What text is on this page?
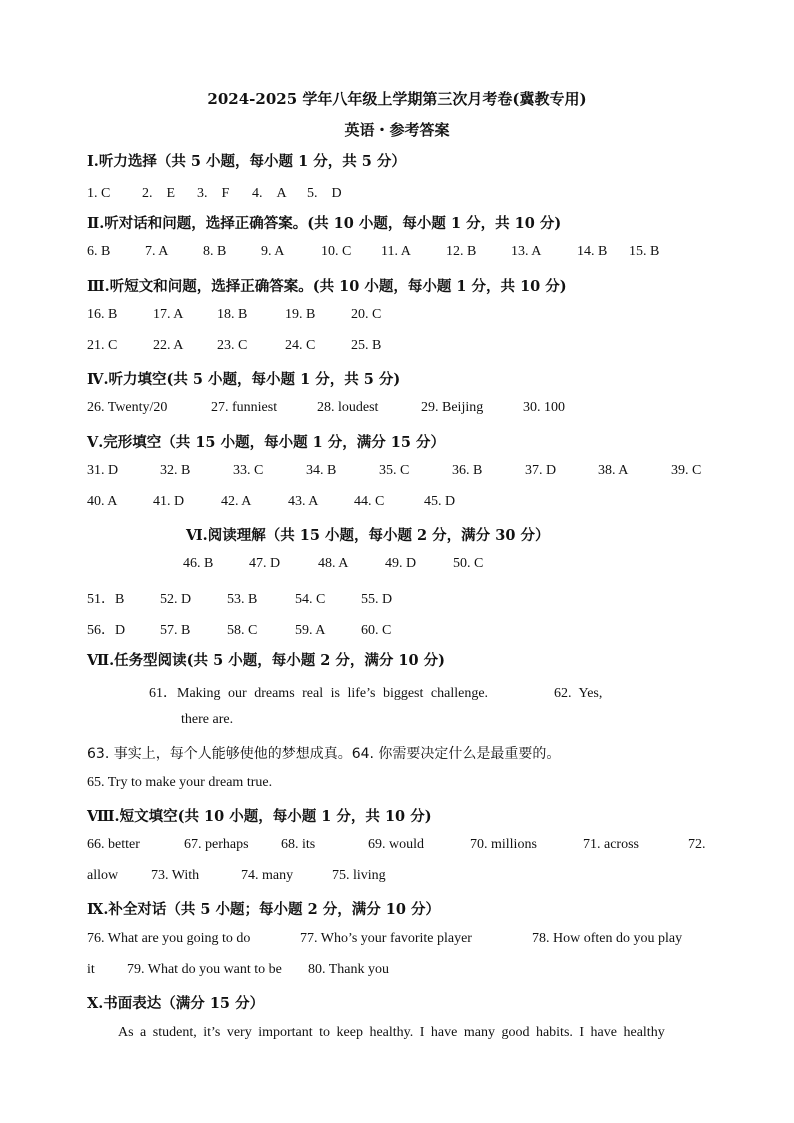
2024-2025 学年八年级上学期第三次月考卷(冀教专用)
英语・参考答案
Ⅰ.听力选择（共 5 小题，每小题 1 分，共 5 分）
1. C 2.　E 3.　F 4.　A 5.　D
Ⅱ.听对话和问题，选择正确答案。(共 10 小题，每小题 1 分，共 10 分)
6. B 7. A 8. B 9. A	10. C 11. A	12. B 13. A	14. B 15. B
Ⅲ.听短文和问题，选择正确答案。(共 10 小题，每小题 1 分，共 10 分)
16. B	17. A 18. B	19. B	20. C
21. C	22. A 23. C	24. C	25. B
Ⅳ.听力填空(共 5 小题，每小题 1 分，共 5 分)
26. Twenty/20	27. funniest	28. loudest	29. Beijing	30. 100
Ⅴ.完形填空（共 15 小题，每小题 1 分，满分 15 分）
31. D	32. B	33. C	34. B	35. C	36. B	37. D	38. A	39. C
40. A	41. D	42. A	43. A	44. C	45. D
Ⅵ.阅读理解（共 15 小题，每小题 2 分，满分 30 分）
46. B	47. D	48. A	49. D	50. C
51．B	52. D	53. B	54. C	55. D
56．D 57. B	58. C	59. A	60. C
Ⅶ.任务型阅读(共 5 小题，每小题 2 分，满分 10 分)
61．Making our dreams real is life’s biggest challenge.	62. Yes,
there are.
63. 事实上，每个人能够使他的梦想成真。64. 你需要决定什么是最重要的。
65. Try to make your dream true.
Ⅷ.短文填空(共 10 小题，每小题 1 分，共 10 分)
66. better	67. perhaps 68. its	69. would	70. millions	71. across	72.
allow 73. With	74. many	75. living
Ⅸ.补全对话（共 5 小题；每小题 2 分，满分 10 分）
76. What are you going to do	77. Who’s your favorite player	78. How often do you play
it 79. What do you want to be 80. Thank you
Ⅹ.书面表达（满分 15 分）
As a student, it’s very important to keep healthy. I have many good habits. I have healthy
